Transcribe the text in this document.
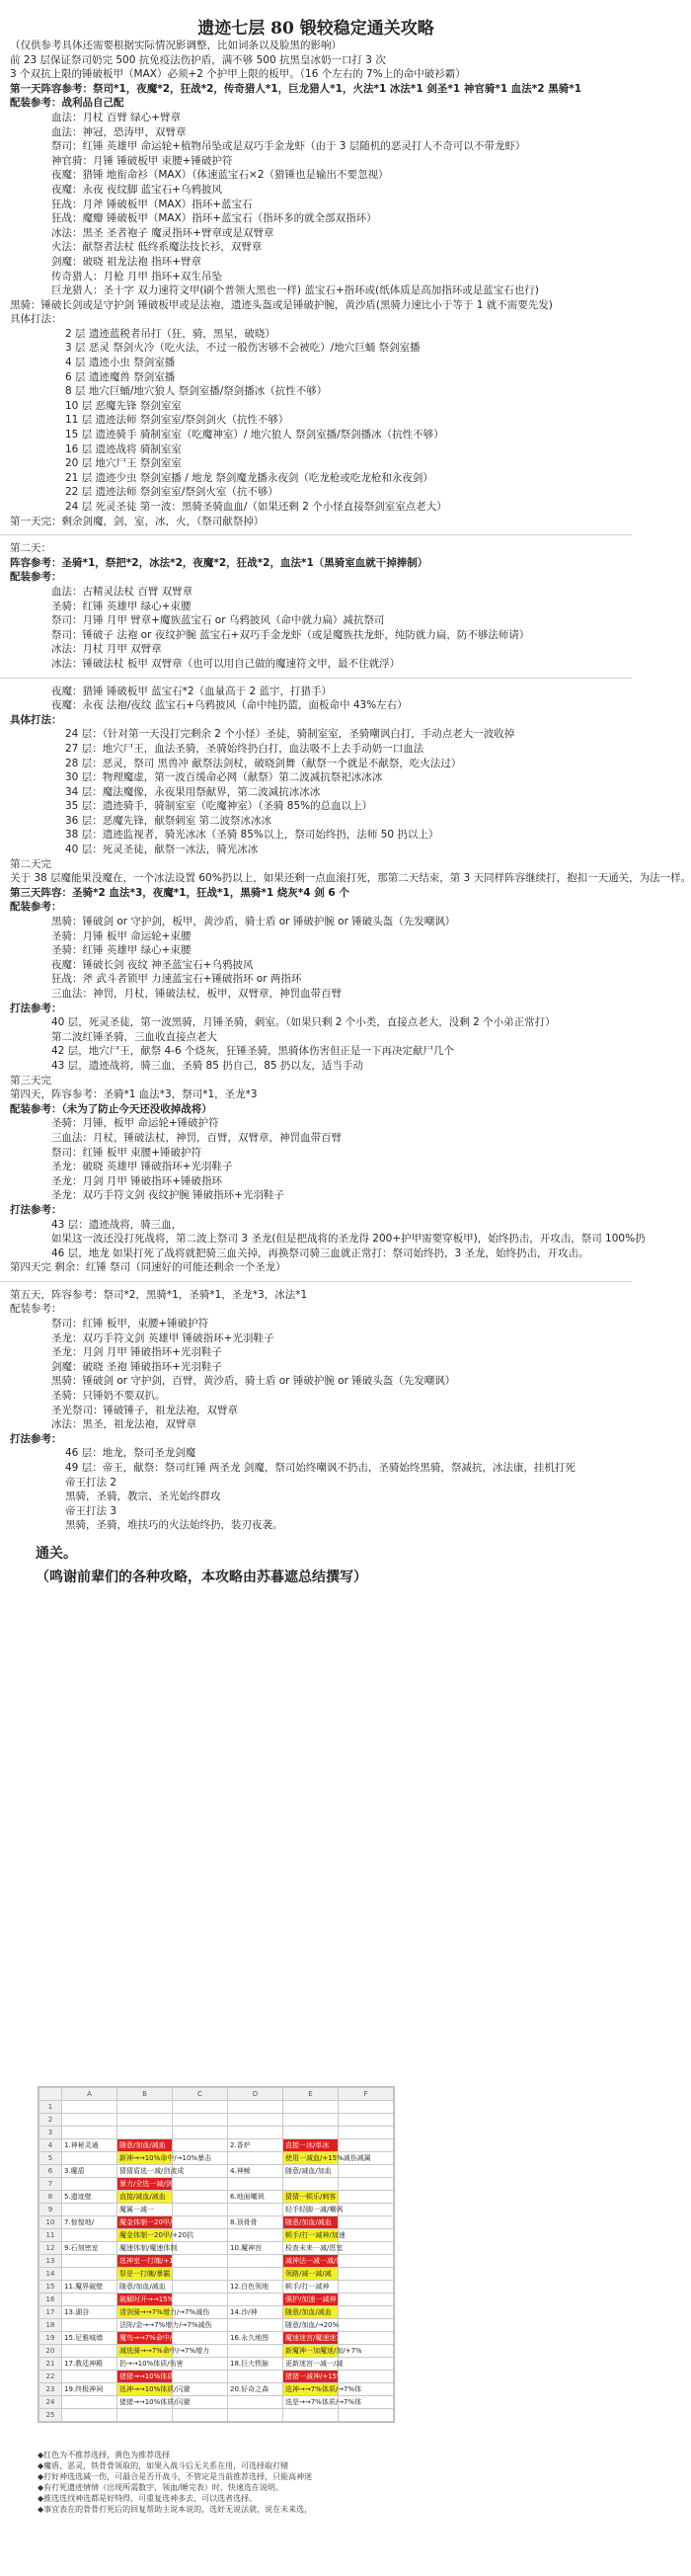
遗迹七层 80 锻较稳定通关攻略
（仅供参考具体还需要根据实际情况影调整，比如词条以及脸黑的影响）
前 23 层保证祭司奶完 500 抗免疫法伤护盾，满不够 500 抗黑皇冰奶一口打 3 次
3 个双抗上限的锤破板甲（MAX）必须+2 个护甲上限的板甲。（16 个左右的 7%上的命中破衫霸）
第一天阵容参考：祭司*1，夜魔*2，狂战*2，传奇猎人*1，巨龙猎人*1，火法*1 冰法*1 剑圣*1 神官骑*1 血法*2 黑骑*1
配装参考：战利品自己配
血法：月杖 百臂 绿心+臂章
血法：神冠，恐涛甲，双臂章
祭司：红锤 英雄甲 命运轮+植物吊坠或是双巧手金龙虾（由于 3 层随机的恶灵打人不奇可以不带龙虾）
神官骑：月锤 锤破板甲 束腰+锤破护符
夜魔：猎锤 地衔命衫（MAX）（体速蓝宝石×2（猎锤也是输出不要忽视）
夜魔：永夜 夜纹脚 蓝宝石+乌鸦披风
狂战：月斧 锤破板甲（MAX）指环+蓝宝石
狂战：魔瓣 锤破板甲（MAX）指环+蓝宝石（指环多的就全部双指环）
冰法：黑圣 圣者袍子 魔灵指环+臂章或是双臂章
火法：献祭者法杖 低终系魔法技长衫，双臂章
剑魔：破晓 祖龙法袍 指环+臂章
传奇猎人：月枪 月甲 指环+双生吊坠
巨龙猎人：圣十字 双力速符文甲(刷个普领大黑也一样) 蓝宝石+指环或(纸体质是高加指环或是蓝宝石也行)
黑骑：锤破长剑或是守护剑 锤破板甲或是法袍，遗迹头盔或是锤破护腕，黄沙盾(黑骑力速比小于等于 1 就不需要先发)
具体打法：
2 层 遗迹蓝税者吊打（狂，骑，黑星，破晓）
3 层 恶灵 祭剑火冷（吃火法，不过一般伤害够不会被吃）/地穴巨蛹 祭剑室播
4 层 遗迹小虫 祭剑室播
6 层 遗迹魔兽 祭剑室播
8 层 地穴巨蛹/地穴狼人 祭剑室播/祭剑播冰（抗性不够）
10 层 恶魔先锋 祭剑室室
11 层 遗迹法师 祭剑室室/祭剑剑火（抗性不够）
15 层 遗迹骑手 骑制室室（吃魔神室）/ 地穴狼人 祭剑室播/祭剑播冰（抗性不够）
16 层 遗迹战将 骑制室室
20 层 地穴尸王 祭剑室室
21 层 遗迹少虫 祭剑室播 / 地龙 祭剑魔龙播永夜剑（吃龙枪或吃龙枪和永夜剑）
22 层 遗迹法师 祭剑室室/祭剑火室（抗不够）
24 层 死灵圣徒 第一波：黑骑圣骑血血/（如果还剩 2 个小怪直接祭剑室室点老大）
第一天完：剩余剑魔，剑，室，冰，火，（祭司献祭掉）
第二天：
阵容参考：圣骑*1，祭把*2，冰法*2，夜魔*2，狂战*2，血法*1（黑骑室血就干掉捧制）
配装参考：
血法：古精灵法杖 百臂 双臂章
圣骑：红锤 英雄甲 绿心+束腰
祭司：月锤 月甲 臂章+魔族蓝宝石 or 乌鸦披风（命中就力扁）减抗祭司
祭司：锤破子 法袍 or 夜纹护腕 蓝宝石+双巧手金龙虾（或是魔族扶龙虾，纯防就力扁，防不够法师请）
冰法：月杖 月甲 双臂章
冰法：锤破法杖 板甲 双臂章（也可以用自己做的魔速符文甲，最不住就浮）
夜魔：猎锤 锤破板甲 蓝宝石*2（血量高于 2 蓝宇，打猎手）
夜魔：永夜 法袍/夜纹 蓝宝石+乌鸦披风（命中纯扔篮，面板命中 43%左右）
具体打法：
24 层：（针对第一天没打完剩余 2 个小怪）圣徒，骑制室室，圣骑嘲讽白打，手动点老大一波收掉
27 层：地穴尸王，血法圣骑，圣骑始终扔白打，血法吸不上去手动奶一口血法
28 层：恶灵，祭司 黑兽冲 献祭法剑杖，破晓剑舞（献祭一个就是不献祭，吃火法过）
30 层：物理魔虚，第一波百缓命必网（献祭）第二波减抗祭祀冰冰冰
34 层：魔法魔像，永夜果用祭献界，第二波减抗冰冰冰
35 层：遗迹骑手，骑制室室（吃魔神室）（圣骑 85%的总血以上）
36 层：恶魔先锋，献祭刺室 第二波祭冰冰冰
38 层：遗迹监视者，骑光冰冰（圣骑 85%以上，祭司始终扔，法师 50 扔以上）
40 层：死灵圣徒，献祭一冰法，骑光冰冰
第二天完
关于 38 层魔能果没魔在，一个冰法设置 60%扔以上，如果还剩一点血滚打死，那第二天结束，第 3 天同样阵容继续打，抱扣一天通关，为法一样。
第三天阵容：圣骑*2 血法*3，夜魔*1，狂战*1，黑骑*1 烧灰*4 剑 6 个
配装参考：
黑骑：锤破剑 or 守护剑，板甲，黄沙盾，骑士盾 or 锤破护腕 or 锤破头盔（先发嘲讽）
圣骑：月锤 板甲 命运轮+束腰
圣骑：红锤 英雄甲 绿心+束腰
夜魔：锤破长剑 夜纹 神圣蓝宝石+乌鸦披风
狂战：斧 武斗者锁甲 力速蓝宝石+锤破指环 or 两指环
三血法：神罚，月杖，锤破法杖，板甲，双臂章，神罚血带百臂
打法参考：
40 层，死灵圣徒，第一波黑骑，月锤圣骑，刺室。（如果只剩 2 个小类，直接点老大，没剩 2 个小弟正常打）
第二波红锤圣骑，三血收直接点老大
42 层，地穴尸王，献祭 4-6 个烧灰，狂锤圣骑，黑骑体伤害但正是一下再决定献尸几个
43 层，遗迹战将，骑三血，圣骑 85 扔自己，85 扔以友，适当手动
第三天完
第四天，阵容参考：圣骑*1 血法*3，祭司*1，圣龙*3
配装参考：（未为了防止今天还没收掉战将）
圣骑：月锤，板甲 命运轮+锤破护符
三血法：月杖，锤破法杖，神罚，百臂，双臂章，神罚血带百臂
祭司：红锤 板甲 束腰+锤破护符
圣龙：破晓 英雄甲 锤破指环+光羽鞋子
圣龙：月剑 月甲 锤破指环+锤破指环
圣龙：双巧手符文剑 夜纹护腕 锤破指环+光羽鞋子
打法参考：
43 层：遗迹战将，骑三血，
如果这一波还没打死战将，第二波上祭司 3 圣龙(但是把战将的圣龙得 200+护甲需要穿板甲)，始终扔击，开攻击，祭司 100%扔
46 层，地龙 如果打死了战将就把骑三血关掉，再换祭司骑三血就正常打：祭司始终扔，3 圣龙，始终扔击，开攻击。
第四天完 剩余：红锤 祭司（同速好的可能还剩余一个圣龙）
第五天，阵容参考：祭司*2，黑骑*1，圣骑*1，圣龙*3，冰法*1
配装参考：
祭司：红锤 板甲，束腰+锤破护符
圣龙：双巧手符文剑 英雄甲 锤破指环+光羽鞋子
圣龙：月剑 月甲 锤破指环+光羽鞋子
剑魔：破晓 圣袍 锤破指环+光羽鞋子
黑骑：锤破剑 or 守护剑，百臂，黄沙盾，骑士盾 or 锤破护腕 or 锤破头盔（先发嘲讽）
圣骑：只锤奶不要双扒。
圣光祭司：锤破锤子，祖龙法袍，双臂章
冰法：黑圣，祖龙法袍，双臂章
打法参考：
46 层：地龙，祭司圣龙剑魔
49 层：帝王，献祭：祭司红锤 两圣龙 剑魔，祭司始终嘲讽不扔击，圣骑始终黑骑，祭减抗，冰法康，挂机打死
帝王打法 2
黑骑，圣骑，教宗、圣光始终群攻
帝王打法 3
黑骑，圣骑，堆扶巧的火法始终扔，装刃夜袭。
通关。
（鸣谢前辈们的各种攻略，本攻略由苏暮遮总结撰写）
	A	B	C	D	E	F
1						
2						
3						
4	1.神秘灵通	随意/加血/减血		2.香炉	直接一冰/单冰	
5		新神→→10%命中/→10%暴击			使用一减血/+15%减伤减属	
6	3.魔盾	猜猜盾选一减/剑流成		4.神鲸	随意/减血/加血	
7		暴力/全选一减/剑流成				
8	5.遗迹壁	直接/减血/减血		6.地面嘲讽	猜猜一顿乐/刺客	
9		魔属一减一			轻手轻脚一减/嘲讽	
10	7.惊惶地/	魔金体制一20甲/+20甲		8.顶骨骨	随意/加血/减血	
11		魔金体制一20甲/+20抗			顿手/打一减神/加速	
12	9.石刻密室	魔速体制/魔速体制		10.魔神宫	检查未来一减/恩室	
13		选神室一打魄/+15%暴击			减神法一减一减/魔	
14		祭是一打魄/暴霸			领路/减一减/减	
15	11.魔界破壁	随意/加血/减血		12.白色领地	顿手/打一减神	
16		破解时开→→15%金鱼/暴			强护/加速一减神	
17	13.湖谷	清剑骑→→7%增力/→7%减伤		14.沙/神	随意/加血/减血	
18		法阵/金→→7%增力/→7%减伤			随意/加血/→20%	
19	15.尼雅城墙	魔鸟→→7%命中/→7%增力		16.永久地图	魔速迷宫/魔速迷宫	
20		减选骑→→7%命中/→7%增力			新魔神一加魔迷/加/+7%	
21	17.教廷神殿	扔→→10%体质/伤害		18.巨大铁脉	更新迷宫一减一/减	
22		猪猪→→10%体质/闪避			猪猪一减神/+15%暴击	
23	19.终极神祠	选神→→10%体质/闪避		20.好奇之森	选神→→7%体质/→7%体	
24		猪猪→→10%体质/闪避			选是→→7%体质/→7%体	
25						
◆红色为不推荐选择，黄色为推荐选择
◆魔盾、恶灵，铁骨骨领取的，如果入战斗后无关系在用，可选择取打赌
◆打好神选选减一伤，可最合是否开战斗，不管定是当前推荐选择，只能高神迷
◆有打死遗迹情情（出现所需数字，领血/睡完表）时，快速选在说明。
◆推选选找神选都是好特得，可重复选神多去，可以选者选择。
◆事宜表在的骨骨打死后的回复帮助主说本说的，选好无说法就，说在未来选，
